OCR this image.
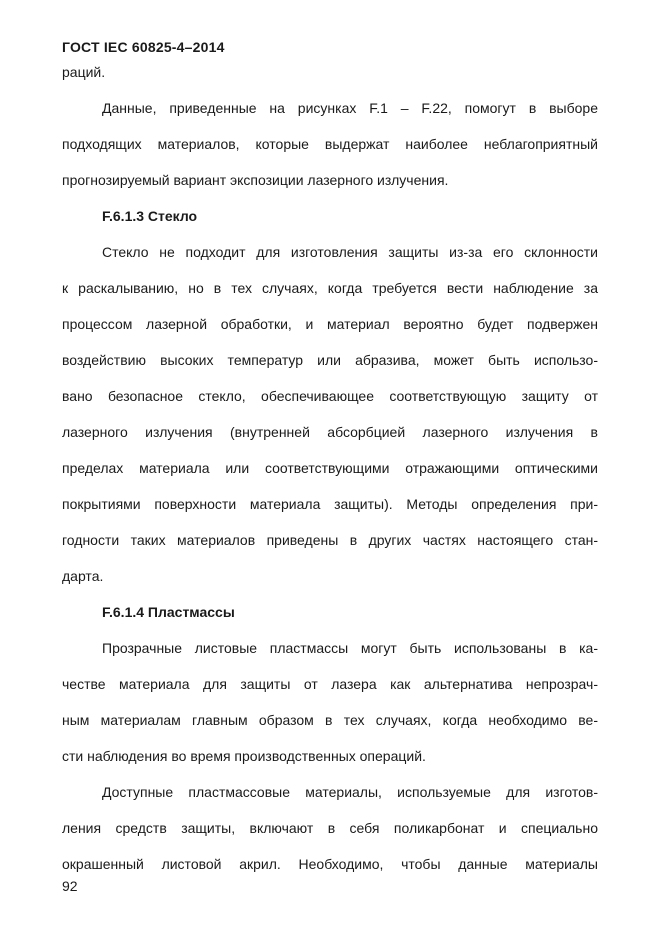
ГОСТ IEC 60825-4–2014
раций.
Данные, приведенные на рисунках F.1 – F.22, помогут в выборе
подходящих материалов, которые выдержат наиболее неблагоприятный
прогнозируемый вариант экспозиции лазерного излучения.
F.6.1.3 Стекло
Стекло не подходит для изготовления защиты из-за его склонности
к раскалыванию, но в тех случаях, когда требуется вести наблюдение за
процессом лазерной обработки, и материал вероятно будет подвержен
воздействию высоких температур или абразива, может быть использо-
вано безопасное стекло, обеспечивающее соответствующую защиту от
лазерного излучения (внутренней абсорбцией лазерного излучения в
пределах материала или соответствующими отражающими оптическими
покрытиями поверхности материала защиты). Методы определения при-
годности таких материалов приведены в других частях настоящего стан-
дарта.
F.6.1.4 Пластмассы
Прозрачные листовые пластмассы могут быть использованы в ка-
честве материала для защиты от лазера как альтернатива непрозрач-
ным материалам главным образом в тех случаях, когда необходимо ве-
сти наблюдения во время производственных операций.
Доступные пластмассовые материалы, используемые для изготов-
ления средств защиты, включают в себя поликарбонат и специально
окрашенный листовой акрил. Необходимо, чтобы данные материалы
92
